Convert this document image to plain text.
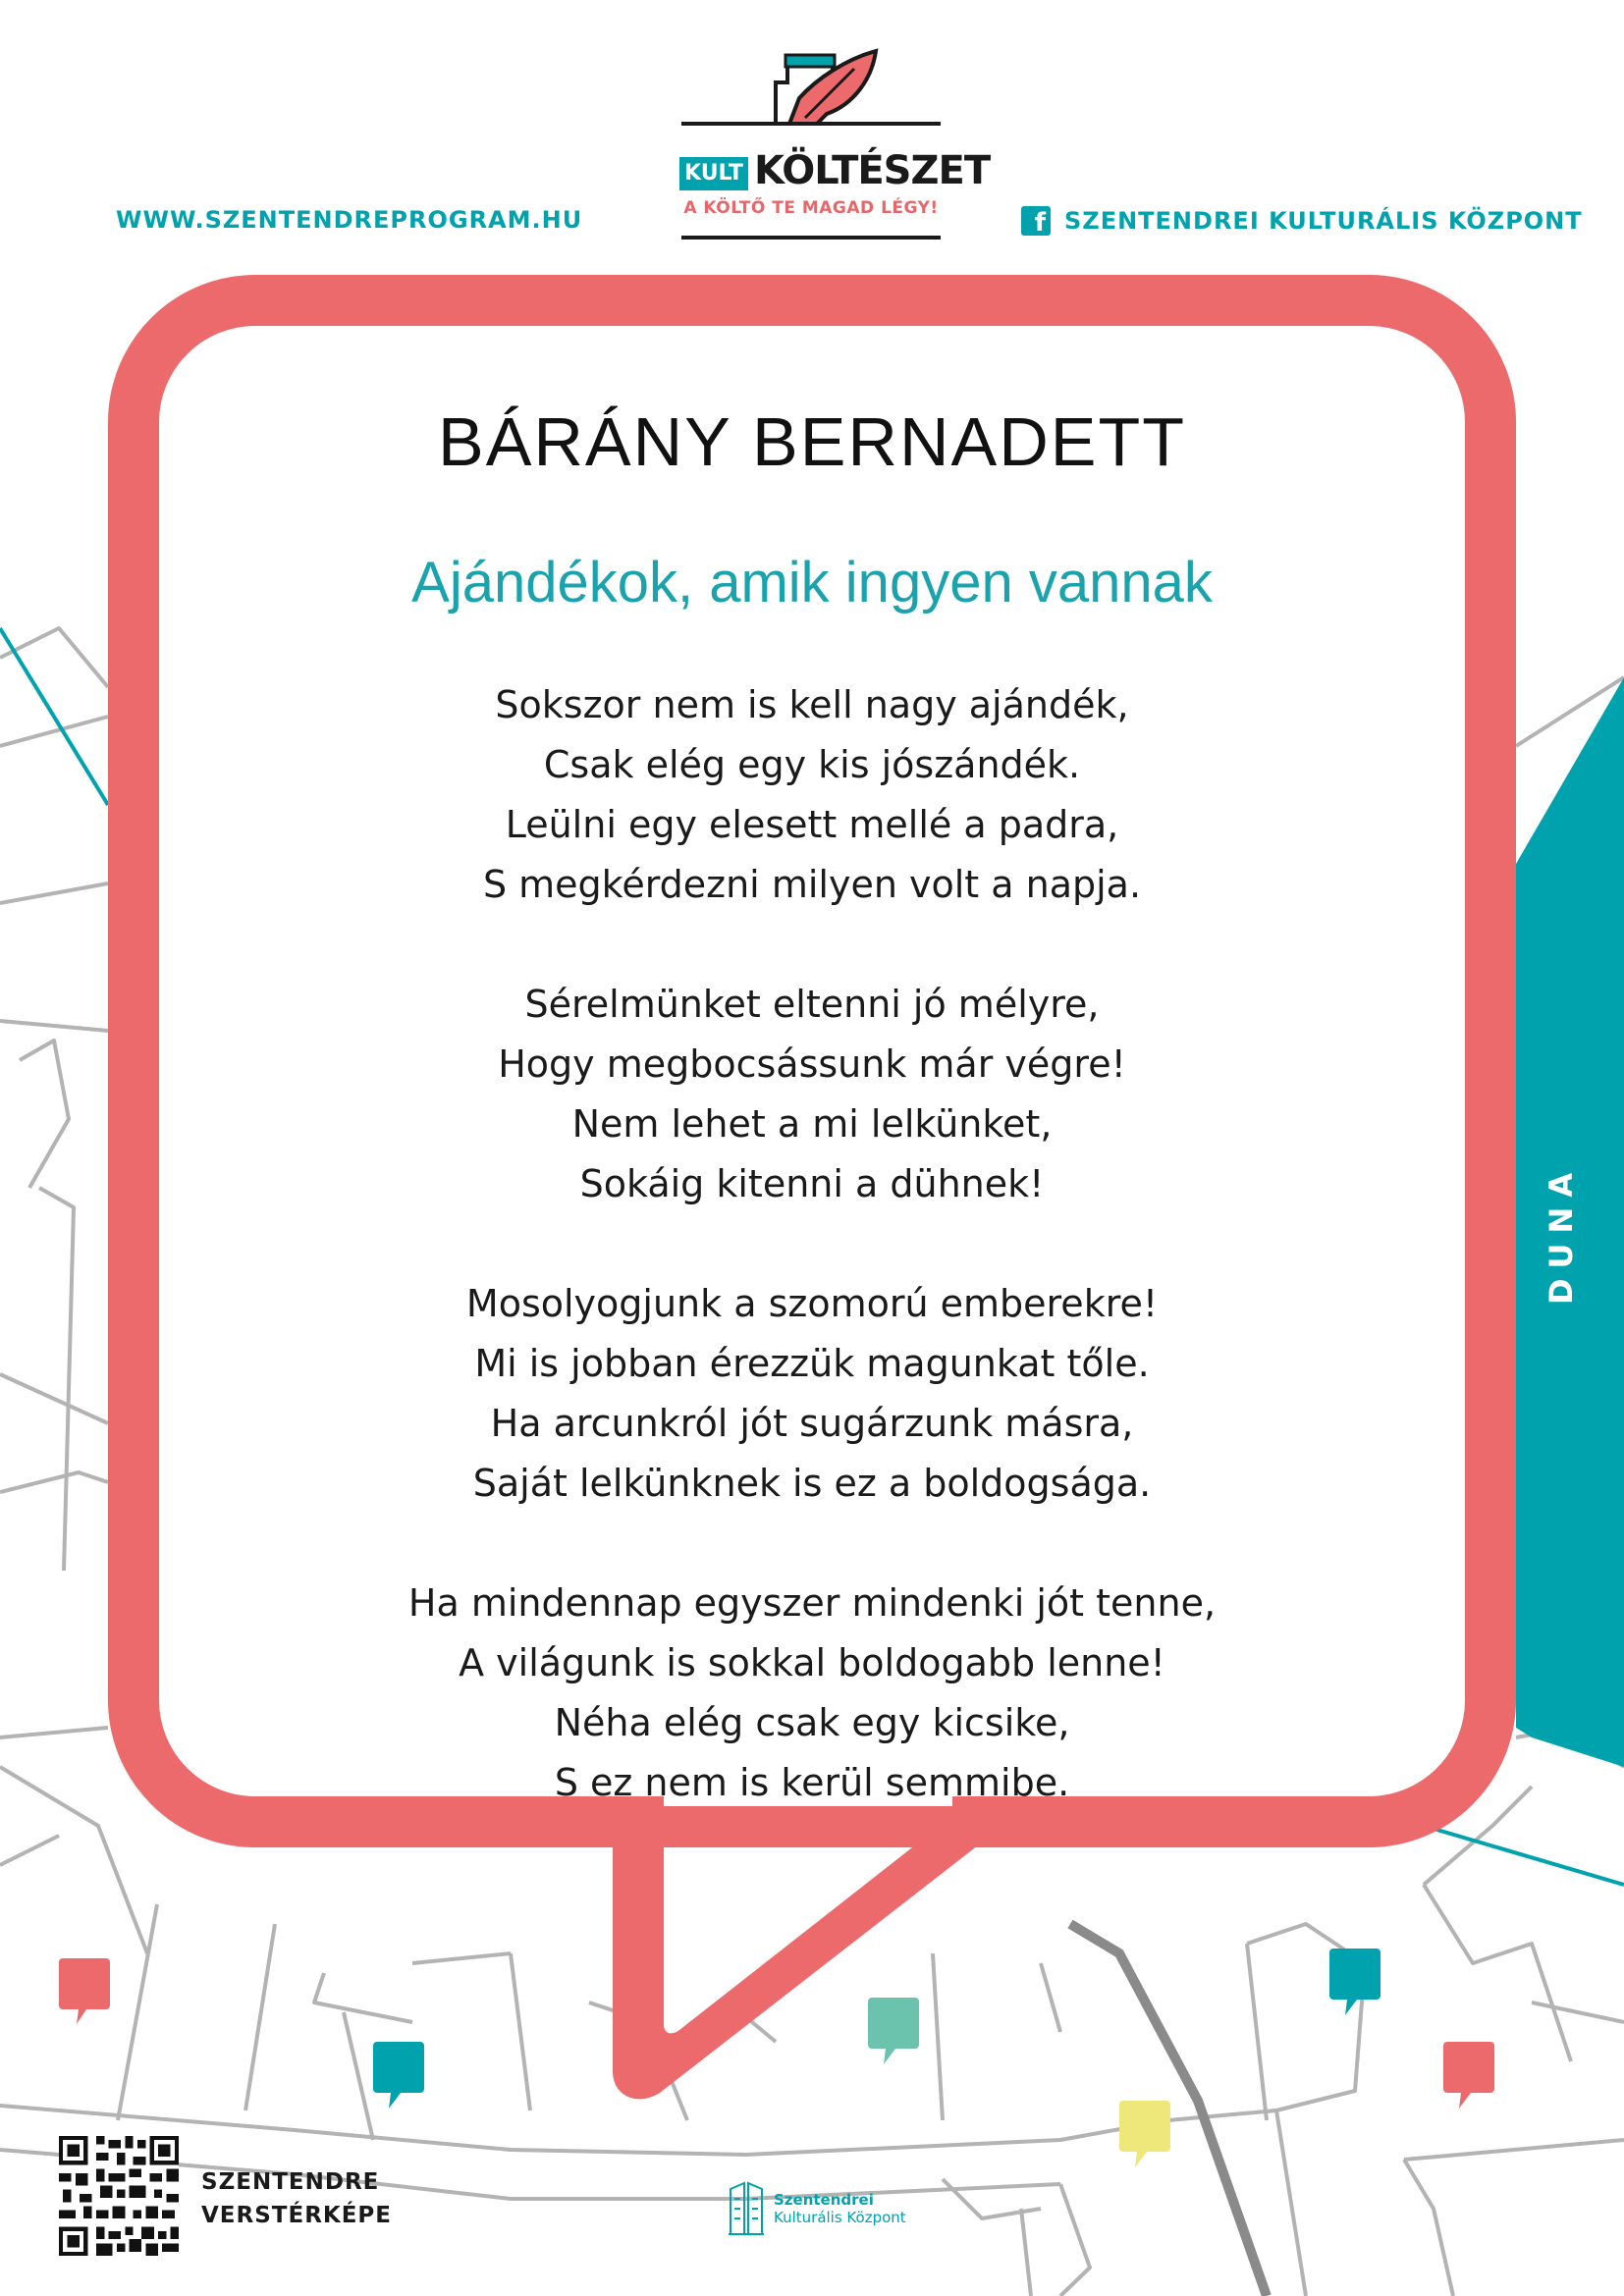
WWW.SZENTENDREPROGRAM.HU	f SZENTENDREI KULTURÁLIS KÖZPONT
KULT KÖLTÉSZET
A KÖLTŐ TE MAGAD LÉGY!
BÁRÁNY BERNADETT
Ajándékok, amik ingyen vannak
Sokszor nem is kell nagy ajándék,
Csak elég egy kis jószándék.
Leülni egy elesett mellé a padra,
S megkérdezni milyen volt a napja.
Sérelmünket eltenni jó mélyre,
Hogy megbocsássunk már végre!
Nem lehet a mi lelkünket,
Sokáig kitenni a dühnek!
Mosolyogjunk a szomorú emberekre!
Mi is jobban érezzük magunkat tőle.
Ha arcunkról jót sugárzunk másra,
Saját lelkünknek is ez a boldogsága.
Ha mindennap egyszer mindenki jót tenne,
A világunk is sokkal boldogabb lenne!
Néha elég csak egy kicsike,
S ez nem is kerül semmibe.
DUNA
SZENTENDRE
VERSTÉRKÉPE
Szentendrei
Kulturális Központ
